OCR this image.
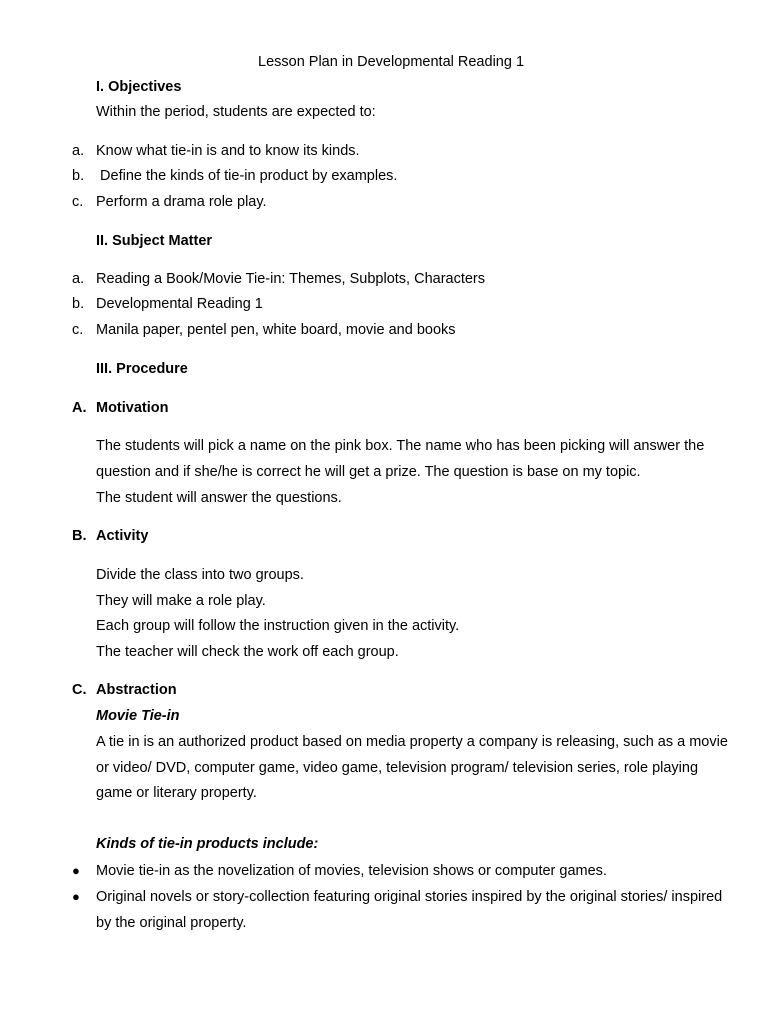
Lesson Plan in Developmental Reading 1
I. Objectives
Within the period, students are expected to:
a. Know what tie-in is and to know its kinds.
b. Define the kinds of tie-in product by examples.
c. Perform a drama role play.
II. Subject Matter
a. Reading a Book/Movie Tie-in: Themes, Subplots, Characters
b. Developmental Reading 1
c. Manila paper, pentel pen, white board, movie and books
III. Procedure
A. Motivation
The students will pick a name on the pink box. The name who has been picking will answer the
question and if she/he is correct he will get a prize. The question is base on my topic.
The student will answer the questions.
B. Activity
Divide the class into two groups.
They will make a role play.
Each group will follow the instruction given in the activity.
The teacher will check the work off each group.
C. Abstraction
Movie Tie-in
A tie in is an authorized product based on media property a company is releasing, such as a movie
or video/ DVD, computer game, video game, television program/ television series, role playing
game or literary property.
Kinds of tie-in products include:
● Movie tie-in as the novelization of movies, television shows or computer games.
● Original novels or story-collection featuring original stories inspired by the original stories/ inspired
by the original property.
